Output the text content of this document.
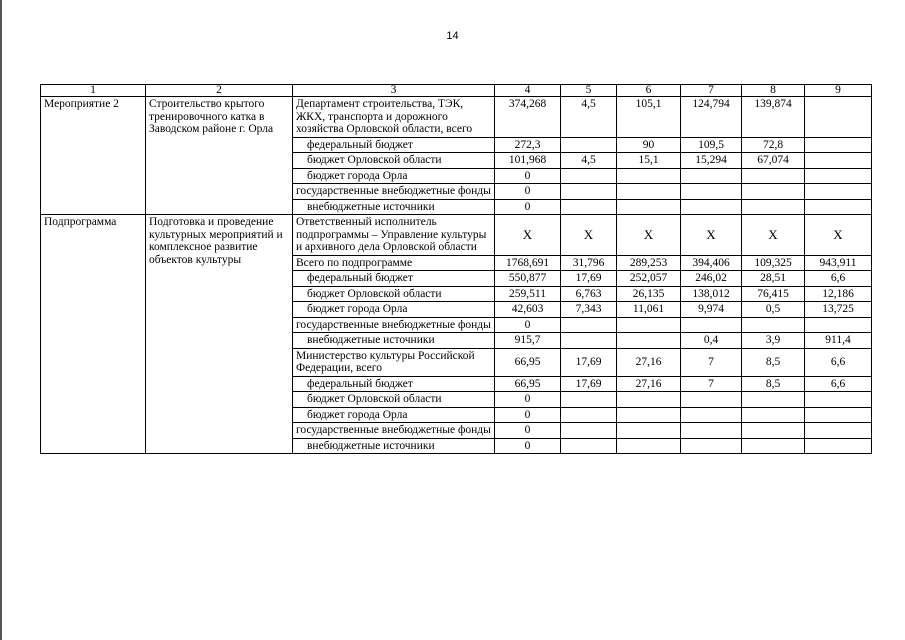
14
1	2	3	4	5	6	7	8	9
Мероприятие 2	Строительство крытого тренировочного катка в Заводском районе г. Орла	Департамент строительства, ТЭК, ЖКХ, транспорта и дорожного хозяйства Орловской области, всего	374,268	4,5	105,1	124,794	139,874	
		федеральный бюджет	272,3		90	109,5	72,8	
		бюджет Орловской области	101,968	4,5	15,1	15,294	67,074	
		бюджет города Орла	0					
		государственные внебюджетные фонды	0					
		внебюджетные источники	0					
Подпрограмма	Подготовка и проведение культурных мероприятий и комплексное развитие объектов культуры	Ответственный исполнитель подпрограммы – Управление культуры и архивного дела Орловской области	X	X	X	X	X	X
		Всего по подпрограмме	1768,691	31,796	289,253	394,406	109,325	943,911
		федеральный бюджет	550,877	17,69	252,057	246,02	28,51	6,6
		бюджет Орловской области	259,511	6,763	26,135	138,012	76,415	12,186
		бюджет города Орла	42,603	7,343	11,061	9,974	0,5	13,725
		государственные внебюджетные фонды	0					
		внебюджетные источники	915,7			0,4	3,9	911,4
		Министерство культуры Российской Федерации, всего	66,95	17,69	27,16	7	8,5	6,6
		федеральный бюджет	66,95	17,69	27,16	7	8,5	6,6
		бюджет Орловской области	0					
		бюджет города Орла	0					
		государственные внебюджетные фонды	0					
		внебюджетные источники	0					
